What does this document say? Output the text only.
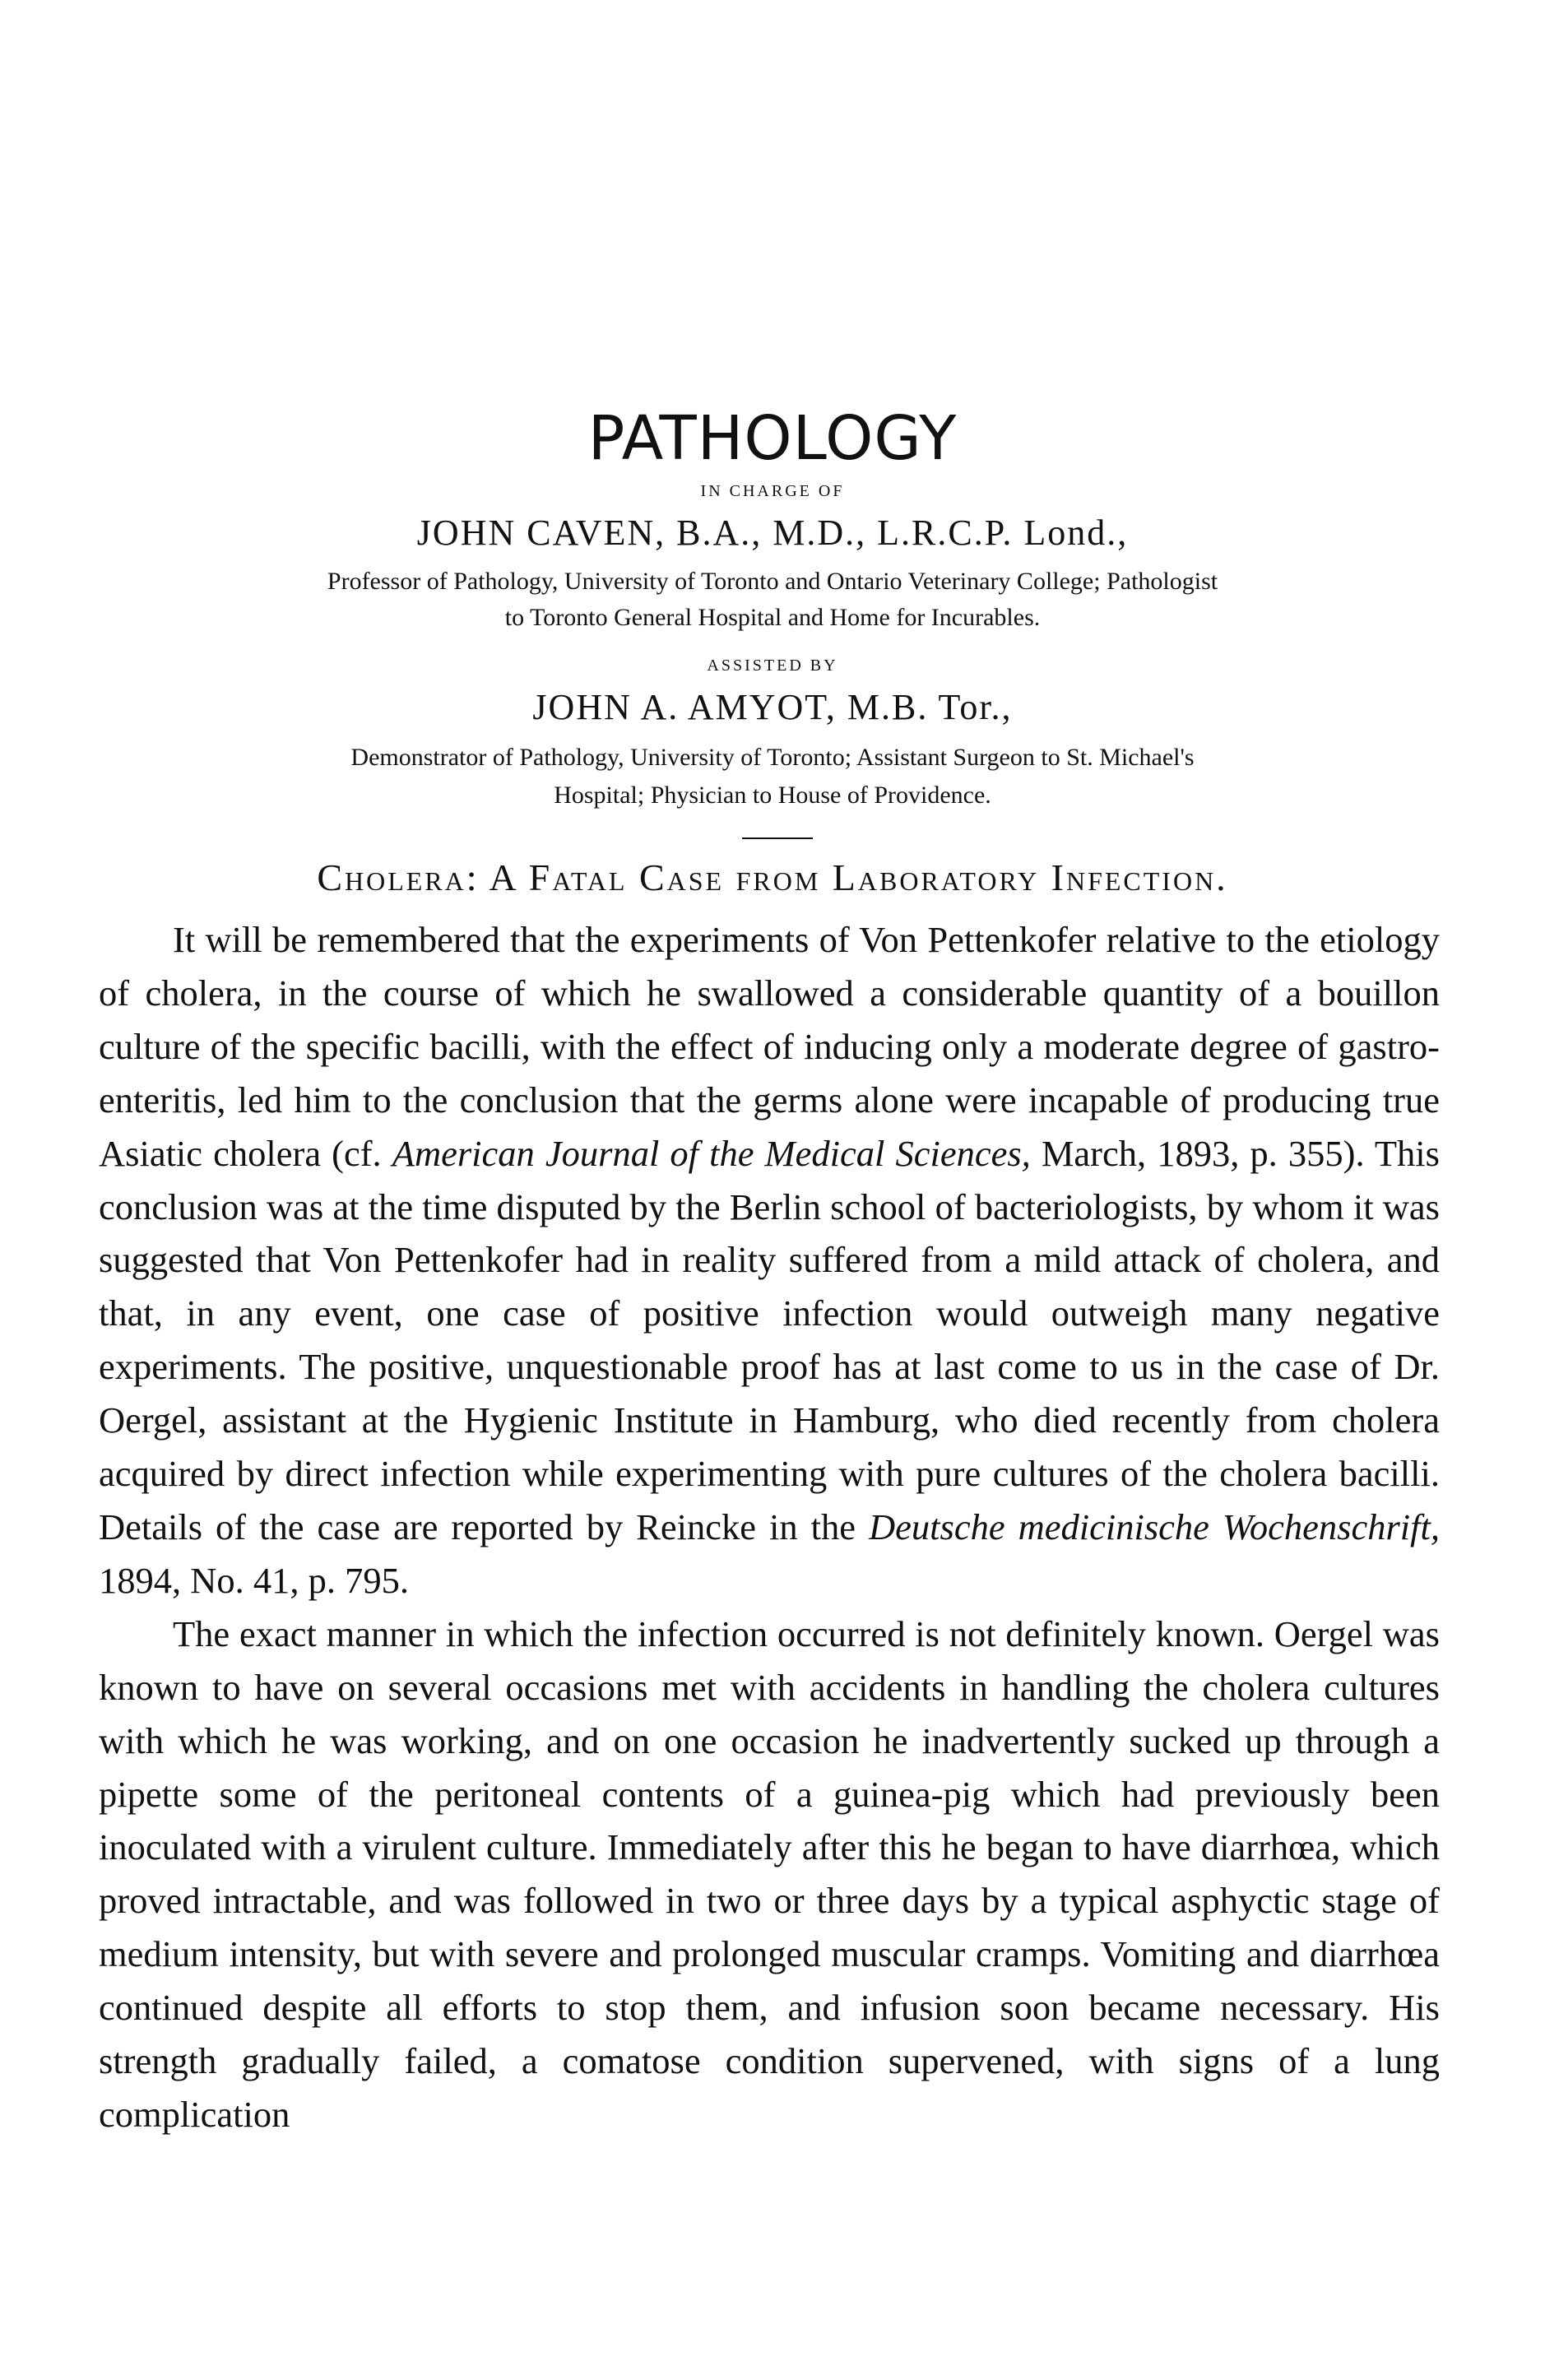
PATHOLOGY
IN CHARGE OF
JOHN CAVEN, B.A., M.D., L.R.C.P. Lond.,
Professor of Pathology, University of Toronto and Ontario Veterinary College; Pathologist
to Toronto General Hospital and Home for Incurables.
ASSISTED BY
JOHN A. AMYOT, M.B. Tor.,
Demonstrator of Pathology, University of Toronto; Assistant Surgeon to St. Michael's
Hospital; Physician to House of Providence.
Cholera: A Fatal Case from Laboratory Infection.

It will be remembered that the experiments of Von Pettenkofer relative to the etiology of cholera, in the course of which he swallowed a considerable quantity of a bouillon culture of the specific bacilli, with the effect of inducing only a moderate degree of gastro-enteritis, led him to the conclusion that the germs alone were incapable of producing true Asiatic cholera (cf. American Journal of the Medical Sciences, March, 1893, p. 355). This conclusion was at the time disputed by the Berlin school of bacteriologists, by whom it was suggested that Von Pettenkofer had in reality suffered from a mild attack of cholera, and that, in any event, one case of positive infection would outweigh many negative experiments. The positive, unquestionable proof has at last come to us in the case of Dr. Oergel, assistant at the Hygienic Institute in Hamburg, who died recently from cholera acquired by direct infection while experimenting with pure cultures of the cholera bacilli. Details of the case are reported by Reincke in the Deutsche medicinische Wochenschrift, 1894, No. 41, p. 795.

The exact manner in which the infection occurred is not definitely known. Oergel was known to have on several occasions met with accidents in handling the cholera cultures with which he was working, and on one occasion he inadvertently sucked up through a pipette some of the peritoneal contents of a guinea-pig which had previously been inoculated with a virulent culture. Immediately after this he began to have diarrhœa, which proved intractable, and was followed in two or three days by a typical asphyctic stage of medium intensity, but with severe and prolonged muscular cramps. Vomiting and diarrhœa continued despite all efforts to stop them, and infusion soon became necessary. His strength gradually failed, a comatose condition supervened, with signs of a lung complication
